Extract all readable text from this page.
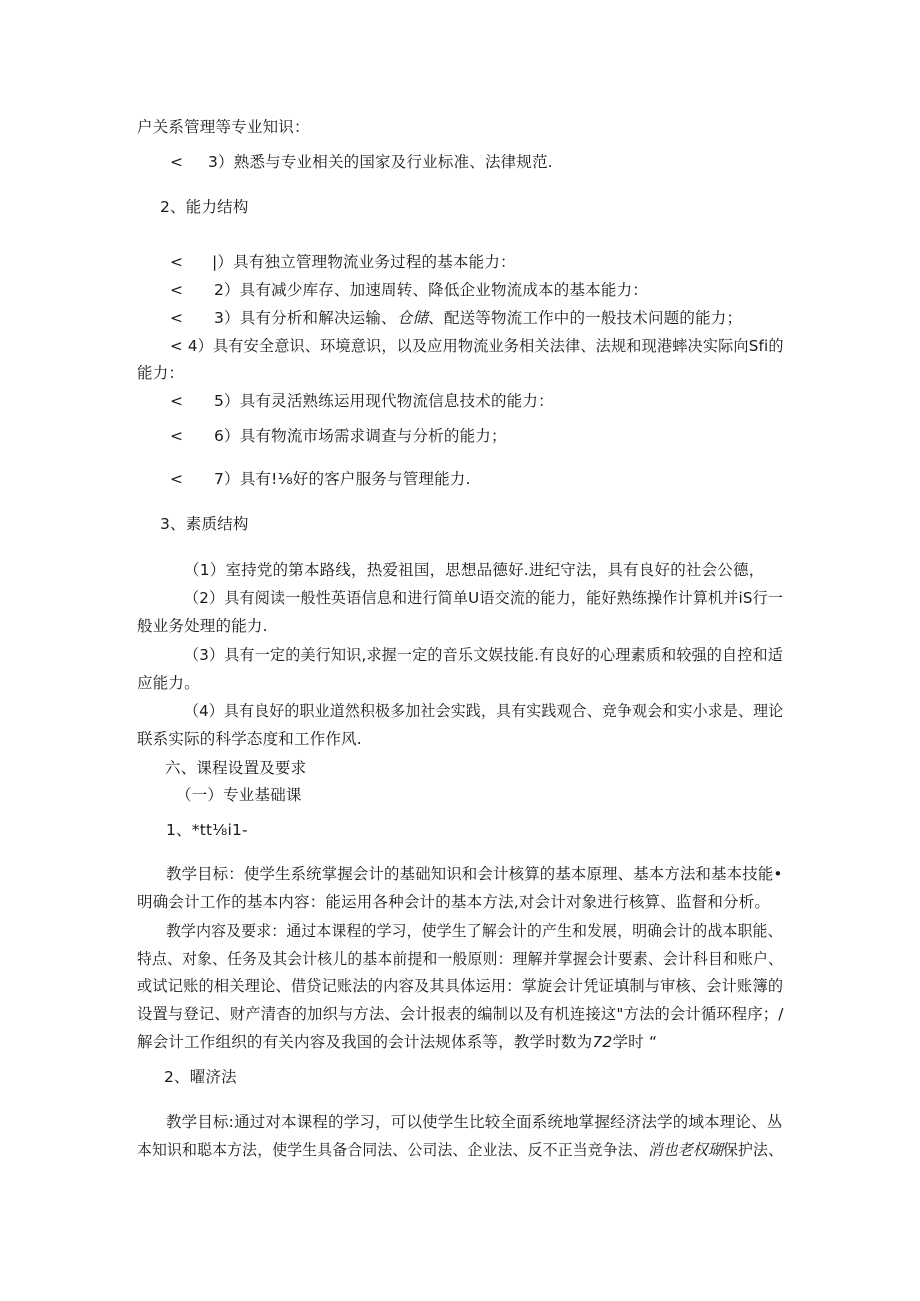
户关系管理等专业知识：
< 3）熟悉与专业相关的国家及行业标准、法律规范.
2、能力结构
< |）具有独立管理物流业务过程的基本能力：
< 2）具有减少库存、加速周转、降低企业物流成本的基本能力：
< 3）具有分析和解决运输、仓储、配送等物流工作中的一般技术问题的能力；
< 4）具有安全意识、环境意识，以及应用物流业务相关法律、法规和现港蟀决实际向Sfi的
能力：
< 5）具有灵活熟练运用现代物流信息技术的能力：
< 6）具有物流市场需求调查与分析的能力；
< 7）具有!⅛好的客户服务与管理能力.
3、素质结构
（1）室持党的第本路线，热爱祖国，思想品德好.进纪守法，具有良好的社会公德，
（2）具有阅读一般性英语信息和进行简单U语交流的能力，能好熟练操作计算机并iS行一
般业务处理的能力.
（3）具有一定的美行知识,求握一定的音乐文娱技能.有良好的心理素质和较强的自控和适
应能力。
（4）具有良好的职业道然积极多加社会实践，具有实践观合、竞争观会和实小求是、理论
联系实际的科学态度和工作作风.
六、课程设置及要求
（一）专业基础课
1、*tt⅛i1-
教学目标：使学生系统掌握会计的基础知识和会计核算的基本原理、基本方法和基本技能•
明确会计工作的基本内容：能运用各种会计的基本方法,对会计对象进行核算、监督和分析。
教学内容及要求：通过本课程的学习，使学生了解会计的产生和发展，明确会计的战本职能、
特点、对象、任务及其会计核儿的基本前提和一般原则：理解并掌握会计要素、会计科目和账户、
或试记账的相关理论、借贷记账法的内容及其具体运用：掌旋会计凭证填制与审核、会计账簿的
设置与登记、财产清杳的加织与方法、会计报表的编制以及有机连接这"方法的会计循环程序；/
解会计工作组织的有关内容及我国的会计法规体系等，教学时数为72学时 “
2、曜济法
教学目标:通过对本课程的学习，可以使学生比较全面系统地掌握经济法学的域本理论、丛
本知识和聪本方法，使学生具备合同法、公司法、企业法、反不正当竞争法、消也老权瑚保护法、
